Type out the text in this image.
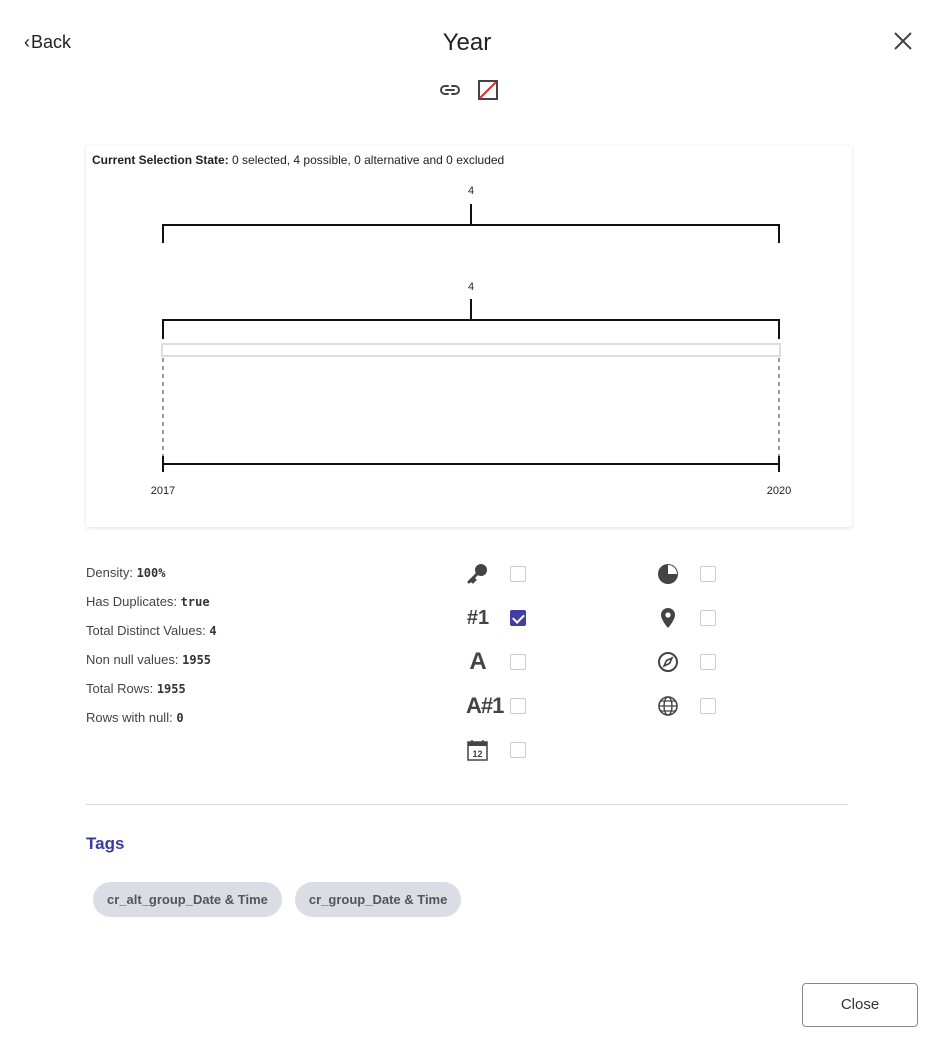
‹ Back	Year
Current Selection State: 0 selected, 4 possible, 0 alternative and 0 excluded
4
4
2017	2020
Density: 100%
Has Duplicates: true
Total Distinct Values: 4
Non null values: 1955
Total Rows: 1955
Rows with null: 0
#1
A
A#1
12
Tags
cr_alt_group_Date & Time	cr_group_Date & Time
Close
